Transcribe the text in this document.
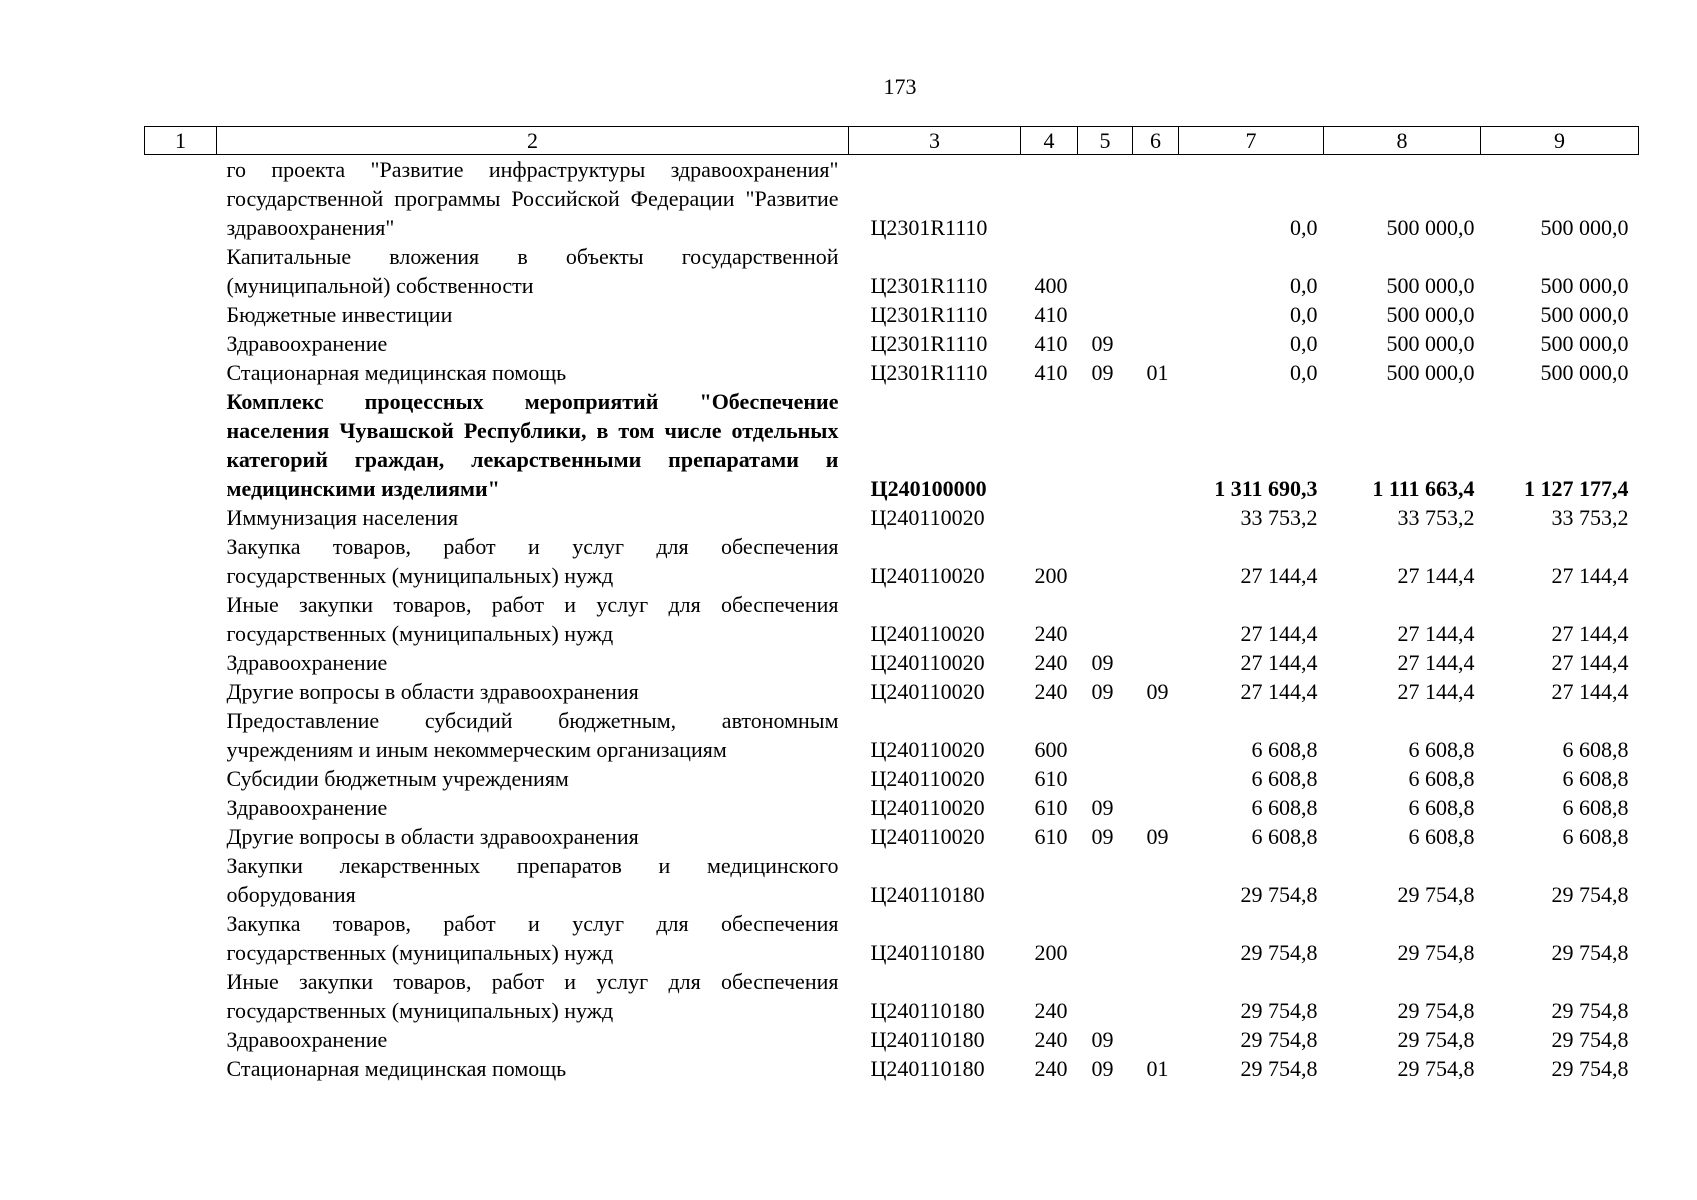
173
1	2	3	4	5	6	7	8	9
	го проекта "Развитие инфраструктуры здравоохранения" государственной программы Российской Федерации "Развитие здравоохранения"	Ц2301R1110				0,0	500 000,0	500 000,0
	Капитальные вложения в объекты государственной (муниципальной) собственности	Ц2301R1110	400			0,0	500 000,0	500 000,0
	Бюджетные инвестиции	Ц2301R1110	410			0,0	500 000,0	500 000,0
	Здравоохранение	Ц2301R1110	410	09		0,0	500 000,0	500 000,0
	Стационарная медицинская помощь	Ц2301R1110	410	09	01	0,0	500 000,0	500 000,0
	Комплекс процессных мероприятий "Обеспечение населения Чувашской Республики, в том числе отдельных категорий граждан, лекарственными препаратами и медицинскими изделиями"	Ц240100000				1 311 690,3	1 111 663,4	1 127 177,4
	Иммунизация населения	Ц240110020				33 753,2	33 753,2	33 753,2
	Закупка товаров, работ и услуг для обеспечения государственных (муниципальных) нужд	Ц240110020	200			27 144,4	27 144,4	27 144,4
	Иные закупки товаров, работ и услуг для обеспечения государственных (муниципальных) нужд	Ц240110020	240			27 144,4	27 144,4	27 144,4
	Здравоохранение	Ц240110020	240	09		27 144,4	27 144,4	27 144,4
	Другие вопросы в области здравоохранения	Ц240110020	240	09	09	27 144,4	27 144,4	27 144,4
	Предоставление субсидий бюджетным, автономным учреждениям и иным некоммерческим организациям	Ц240110020	600			6 608,8	6 608,8	6 608,8
	Субсидии бюджетным учреждениям	Ц240110020	610			6 608,8	6 608,8	6 608,8
	Здравоохранение	Ц240110020	610	09		6 608,8	6 608,8	6 608,8
	Другие вопросы в области здравоохранения	Ц240110020	610	09	09	6 608,8	6 608,8	6 608,8
	Закупки лекарственных препаратов и медицинского оборудования	Ц240110180				29 754,8	29 754,8	29 754,8
	Закупка товаров, работ и услуг для обеспечения государственных (муниципальных) нужд	Ц240110180	200			29 754,8	29 754,8	29 754,8
	Иные закупки товаров, работ и услуг для обеспечения государственных (муниципальных) нужд	Ц240110180	240			29 754,8	29 754,8	29 754,8
	Здравоохранение	Ц240110180	240	09		29 754,8	29 754,8	29 754,8
	Стационарная медицинская помощь	Ц240110180	240	09	01	29 754,8	29 754,8	29 754,8
